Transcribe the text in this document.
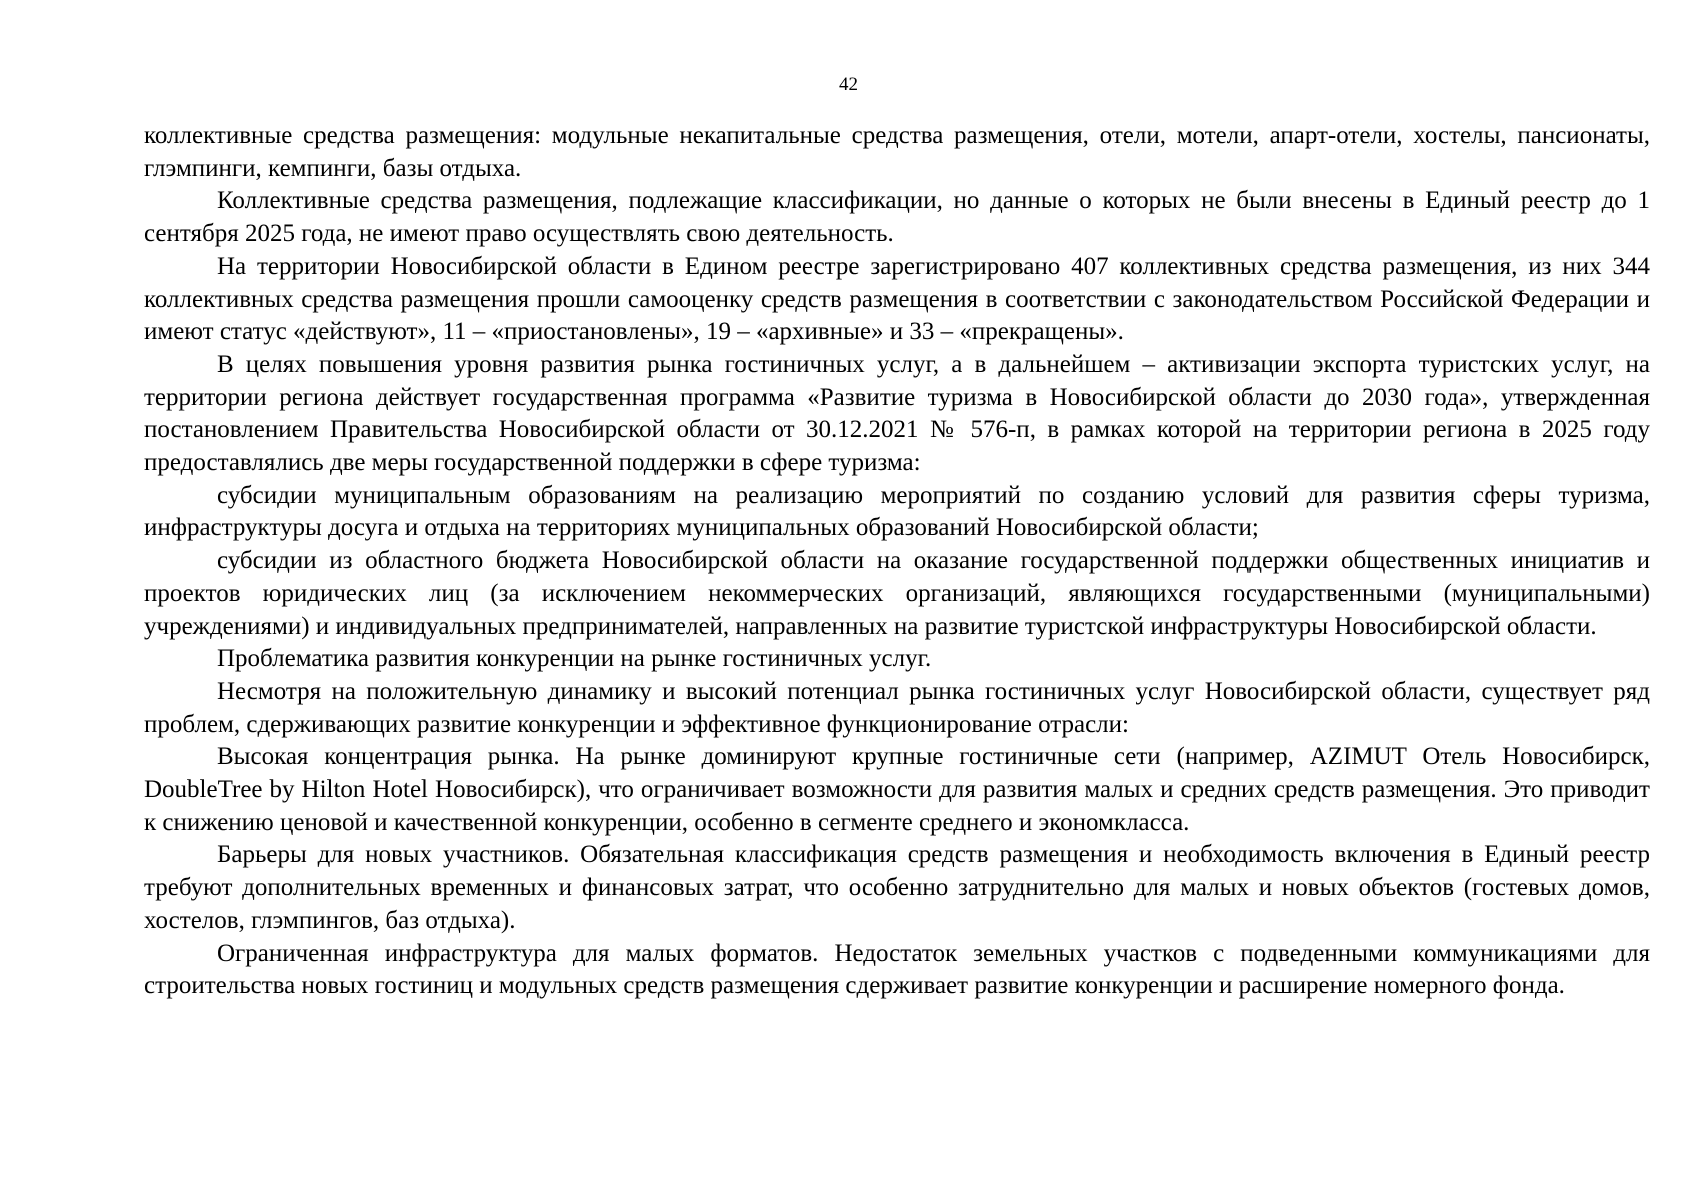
42

коллективные средства размещения: модульные некапитальные средства размещения, отели, мотели, апарт-отели, хостелы, пансионаты, глэмпинги, кемпинги, базы отдыха.

Коллективные средства размещения, подлежащие классификации, но данные о которых не были внесены в Единый реестр до 1 сентября 2025 года, не имеют право осуществлять свою деятельность.

На территории Новосибирской области в Едином реестре зарегистрировано 407 коллективных средства размещения, из них 344 коллективных средства размещения прошли самооценку средств размещения в соответствии с законодательством Российской Федерации и имеют статус «действуют», 11 – «приостановлены», 19 – «архивные» и 33 – «прекращены».

В целях повышения уровня развития рынка гостиничных услуг, а в дальнейшем – активизации экспорта туристских услуг, на территории региона действует государственная программа «Развитие туризма в Новосибирской области до 2030 года», утвержденная постановлением Правительства Новосибирской области от 30.12.2021 № 576-п, в рамках которой на территории региона в 2025 году предоставлялись две меры государственной поддержки в сфере туризма:

субсидии муниципальным образованиям на реализацию мероприятий по созданию условий для развития сферы туризма, инфраструктуры досуга и отдыха на территориях муниципальных образований Новосибирской области;

субсидии из областного бюджета Новосибирской области на оказание государственной поддержки общественных инициатив и проектов юридических лиц (за исключением некоммерческих организаций, являющихся государственными (муниципальными) учреждениями) и индивидуальных предпринимателей, направленных на развитие туристской инфраструктуры Новосибирской области.

Проблематика развития конкуренции на рынке гостиничных услуг.

Несмотря на положительную динамику и высокий потенциал рынка гостиничных услуг Новосибирской области, существует ряд проблем, сдерживающих развитие конкуренции и эффективное функционирование отрасли:

Высокая концентрация рынка. На рынке доминируют крупные гостиничные сети (например, AZIMUT Отель Новосибирск, DoubleTree by Hilton Hotel Новосибирск), что ограничивает возможности для развития малых и средних средств размещения. Это приводит к снижению ценовой и качественной конкуренции, особенно в сегменте среднего и экономкласса.

Барьеры для новых участников. Обязательная классификация средств размещения и необходимость включения в Единый реестр требуют дополнительных временных и финансовых затрат, что особенно затруднительно для малых и новых объектов (гостевых домов, хостелов, глэмпингов, баз отдыха).

Ограниченная инфраструктура для малых форматов. Недостаток земельных участков с подведенными коммуникациями для строительства новых гостиниц и модульных средств размещения сдерживает развитие конкуренции и расширение номерного фонда.
